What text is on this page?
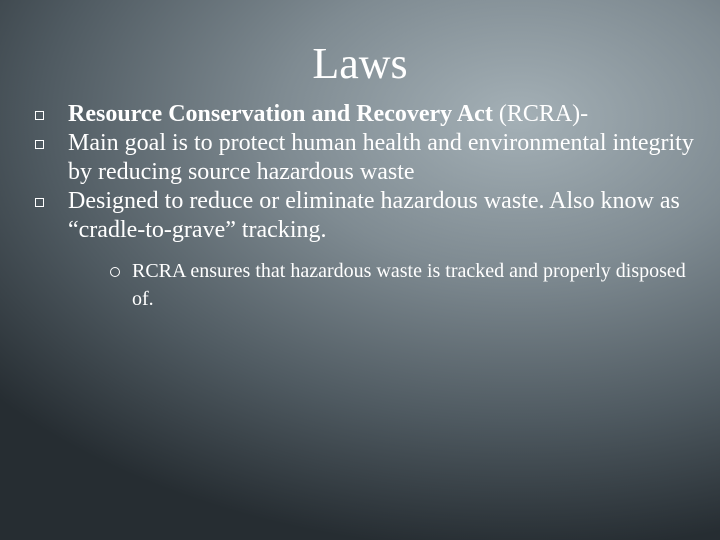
Laws
Resource Conservation and Recovery Act (RCRA)-
Main goal is to protect human health and environmental integrity by reducing source hazardous waste
Designed to reduce or eliminate hazardous waste. Also know as “cradle-to-grave” tracking.
RCRA ensures that hazardous waste is tracked and properly disposed of.
